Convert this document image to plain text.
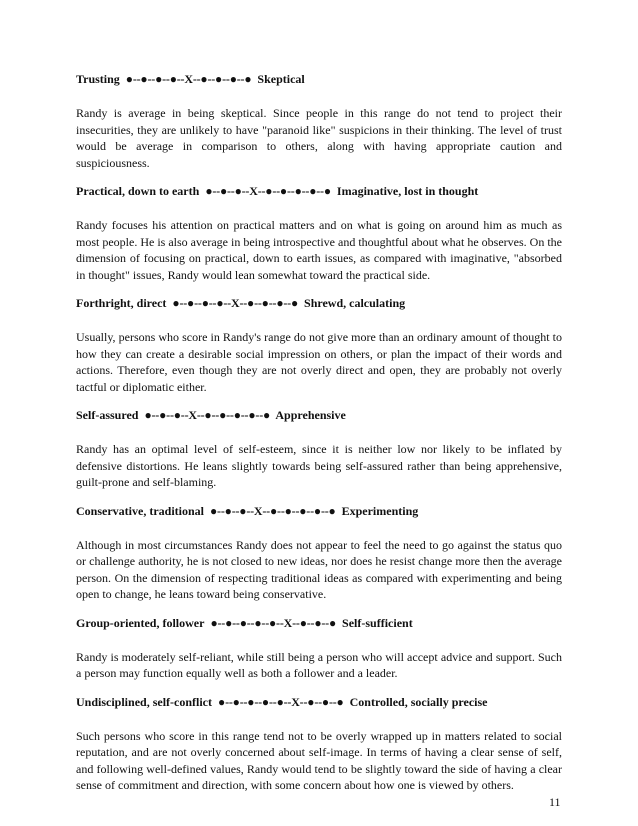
Trusting ●--●--●--●--X--●--●--●--● Skeptical

Randy is average in being skeptical. Since people in this range do not tend to project their insecurities, they are unlikely to have "paranoid like" suspicions in their thinking. The level of trust would be average in comparison to others, along with having appropriate caution and suspiciousness.

Practical, down to earth ●--●--●--X--●--●--●--●--● Imaginative, lost in thought

Randy focuses his attention on practical matters and on what is going on around him as much as most people. He is also average in being introspective and thoughtful about what he observes. On the dimension of focusing on practical, down to earth issues, as compared with imaginative, "absorbed in thought" issues, Randy would lean somewhat toward the practical side.

Forthright, direct ●--●--●--●--X--●--●--●--● Shrewd, calculating

Usually, persons who score in Randy's range do not give more than an ordinary amount of thought to how they can create a desirable social impression on others, or plan the impact of their words and actions. Therefore, even though they are not overly direct and open, they are probably not overly tactful or diplomatic either.

Self-assured ●--●--●--X--●--●--●--●--● Apprehensive

Randy has an optimal level of self-esteem, since it is neither low nor likely to be inflated by defensive distortions. He leans slightly towards being self-assured rather than being apprehensive, guilt-prone and self-blaming.

Conservative, traditional ●--●--●--X--●--●--●--●--● Experimenting

Although in most circumstances Randy does not appear to feel the need to go against the status quo or challenge authority, he is not closed to new ideas, nor does he resist change more then the average person. On the dimension of respecting traditional ideas as compared with experimenting and being open to change, he leans toward being conservative.

Group-oriented, follower ●--●--●--●--●--X--●--●--● Self-sufficient

Randy is moderately self-reliant, while still being a person who will accept advice and support. Such a person may function equally well as both a follower and a leader.

Undisciplined, self-conflict ●--●--●--●--●--X--●--●--● Controlled, socially precise

Such persons who score in this range tend not to be overly wrapped up in matters related to social reputation, and are not overly concerned about self-image. In terms of having a clear sense of self, and following well-defined values, Randy would tend to be slightly toward the side of having a clear sense of commitment and direction, with some concern about how one is viewed by others.

11
